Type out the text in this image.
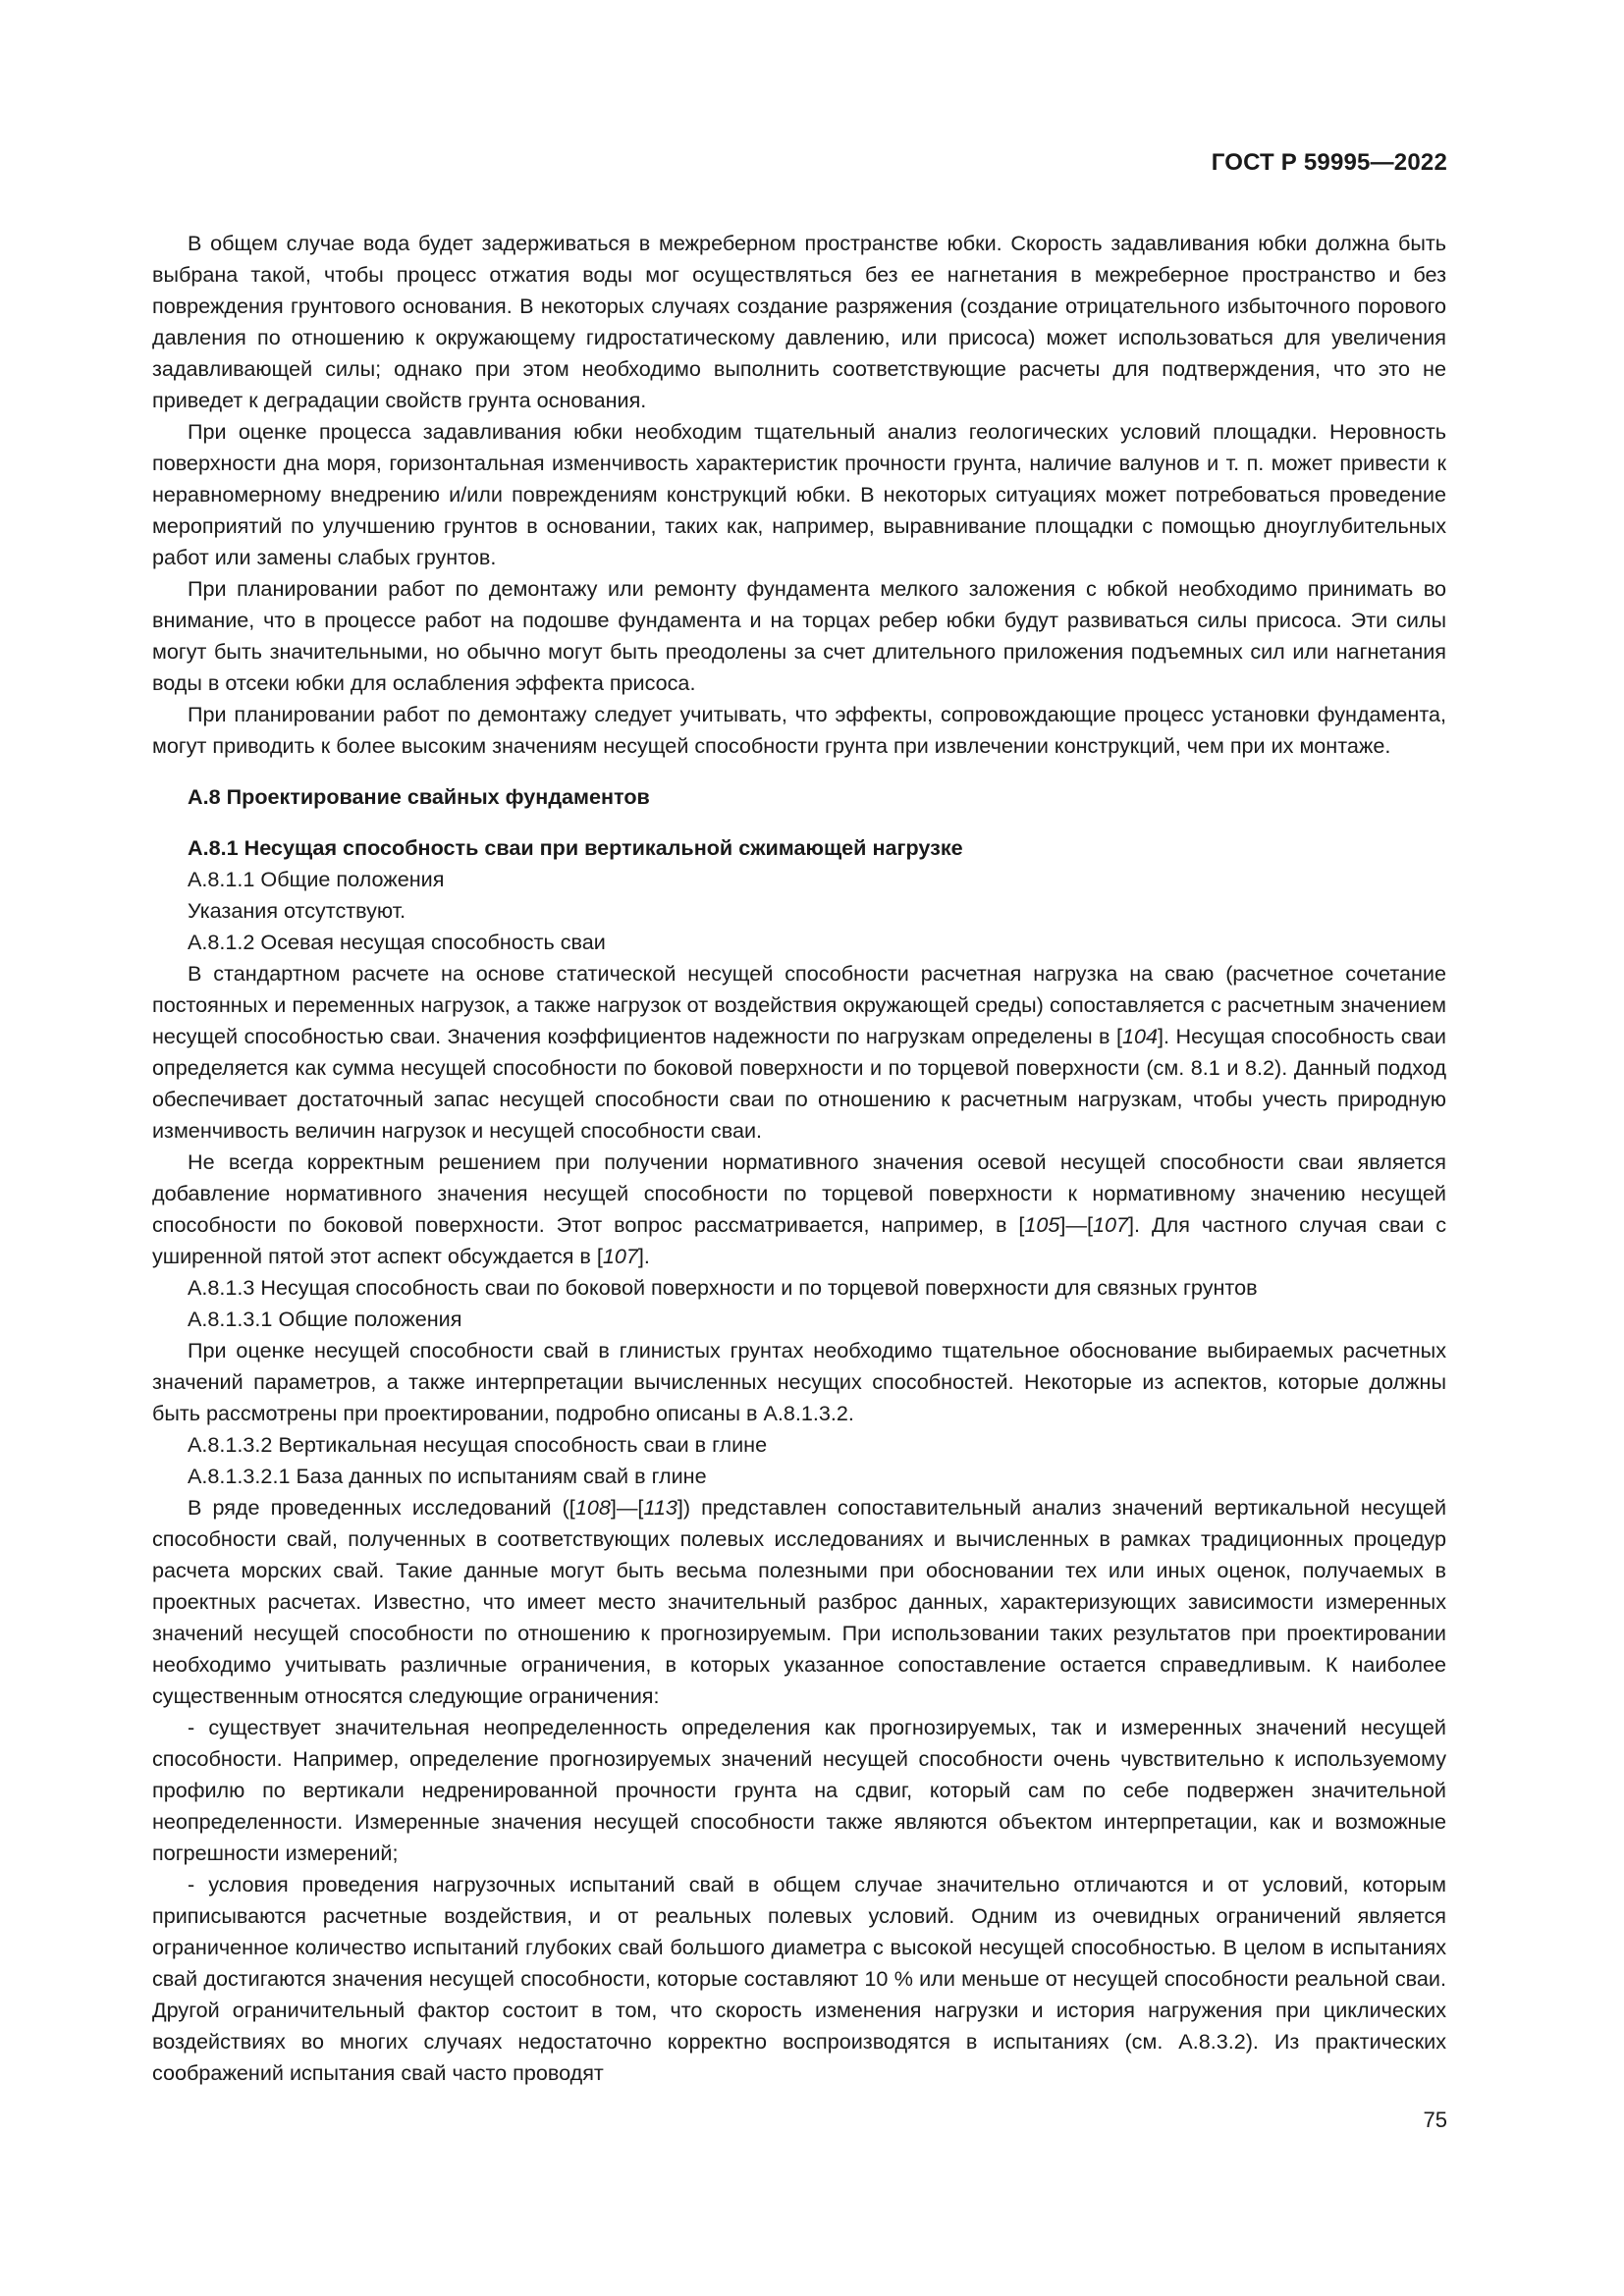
ГОСТ Р 59995—2022

В общем случае вода будет задерживаться в межреберном пространстве юбки. Скорость задавливания юбки должна быть выбрана такой, чтобы процесс отжатия воды мог осуществляться без ее нагнетания в межреберное пространство и без повреждения грунтового основания. В некоторых случаях создание разряжения (создание отрицательного избыточного порового давления по отношению к окружающему гидростатическому давлению, или присоса) может использоваться для увеличения задавливающей силы; однако при этом необходимо выполнить соответствующие расчеты для подтверждения, что это не приведет к деградации свойств грунта основания.

При оценке процесса задавливания юбки необходим тщательный анализ геологических условий площадки. Неровность поверхности дна моря, горизонтальная изменчивость характеристик прочности грунта, наличие валунов и т. п. может привести к неравномерному внедрению и/или повреждениям конструкций юбки. В некоторых ситуациях может потребоваться проведение мероприятий по улучшению грунтов в основании, таких как, например, выравнивание площадки с помощью дноуглубительных работ или замены слабых грунтов.

При планировании работ по демонтажу или ремонту фундамента мелкого заложения с юбкой необходимо принимать во внимание, что в процессе работ на подошве фундамента и на торцах ребер юбки будут развиваться силы присоса. Эти силы могут быть значительными, но обычно могут быть преодолены за счет длительного приложения подъемных сил или нагнетания воды в отсеки юбки для ослабления эффекта присоса.

При планировании работ по демонтажу следует учитывать, что эффекты, сопровождающие процесс установки фундамента, могут приводить к более высоким значениям несущей способности грунта при извлечении конструкций, чем при их монтаже.

А.8 Проектирование свайных фундаментов

А.8.1 Несущая способность сваи при вертикальной сжимающей нагрузке

А.8.1.1 Общие положения

Указания отсутствуют.

А.8.1.2 Осевая несущая способность сваи

В стандартном расчете на основе статической несущей способности расчетная нагрузка на сваю (расчетное сочетание постоянных и переменных нагрузок, а также нагрузок от воздействия окружающей среды) сопоставляется с расчетным значением несущей способностью сваи. Значения коэффициентов надежности по нагрузкам определены в [104]. Несущая способность сваи определяется как сумма несущей способности по боковой поверхности и по торцевой поверхности (см. 8.1 и 8.2). Данный подход обеспечивает достаточный запас несущей способности сваи по отношению к расчетным нагрузкам, чтобы учесть природную изменчивость величин нагрузок и несущей способности сваи.

Не всегда корректным решением при получении нормативного значения осевой несущей способности сваи является добавление нормативного значения несущей способности по торцевой поверхности к нормативному значению несущей способности по боковой поверхности. Этот вопрос рассматривается, например, в [105]—[107]. Для частного случая сваи с уширенной пятой этот аспект обсуждается в [107].

А.8.1.3 Несущая способность сваи по боковой поверхности и по торцевой поверхности для связных грунтов

А.8.1.3.1 Общие положения

При оценке несущей способности свай в глинистых грунтах необходимо тщательное обоснование выбираемых расчетных значений параметров, а также интерпретации вычисленных несущих способностей. Некоторые из аспектов, которые должны быть рассмотрены при проектировании, подробно описаны в А.8.1.3.2.

А.8.1.3.2 Вертикальная несущая способность сваи в глине

А.8.1.3.2.1 База данных по испытаниям свай в глине

В ряде проведенных исследований ([108]—[113]) представлен сопоставительный анализ значений вертикальной несущей способности свай, полученных в соответствующих полевых исследованиях и вычисленных в рамках традиционных процедур расчета морских свай. Такие данные могут быть весьма полезными при обосновании тех или иных оценок, получаемых в проектных расчетах. Известно, что имеет место значительный разброс данных, характеризующих зависимости измеренных значений несущей способности по отношению к прогнозируемым. При использовании таких результатов при проектировании необходимо учитывать различные ограничения, в которых указанное сопоставление остается справедливым. К наиболее существенным относятся следующие ограничения:

- существует значительная неопределенность определения как прогнозируемых, так и измеренных значений несущей способности. Например, определение прогнозируемых значений несущей способности очень чувствительно к используемому профилю по вертикали недренированной прочности грунта на сдвиг, который сам по себе подвержен значительной неопределенности. Измеренные значения несущей способности также являются объектом интерпретации, как и возможные погрешности измерений;

- условия проведения нагрузочных испытаний свай в общем случае значительно отличаются и от условий, которым приписываются расчетные воздействия, и от реальных полевых условий. Одним из очевидных ограничений является ограниченное количество испытаний глубоких свай большого диаметра с высокой несущей способностью. В целом в испытаниях свай достигаются значения несущей способности, которые составляют 10 % или меньше от несущей способности реальной сваи. Другой ограничительный фактор состоит в том, что скорость изменения нагрузки и история нагружения при циклических воздействиях во многих случаях недостаточно корректно воспроизводятся в испытаниях (см. А.8.3.2). Из практических соображений испытания свай часто проводят

75
